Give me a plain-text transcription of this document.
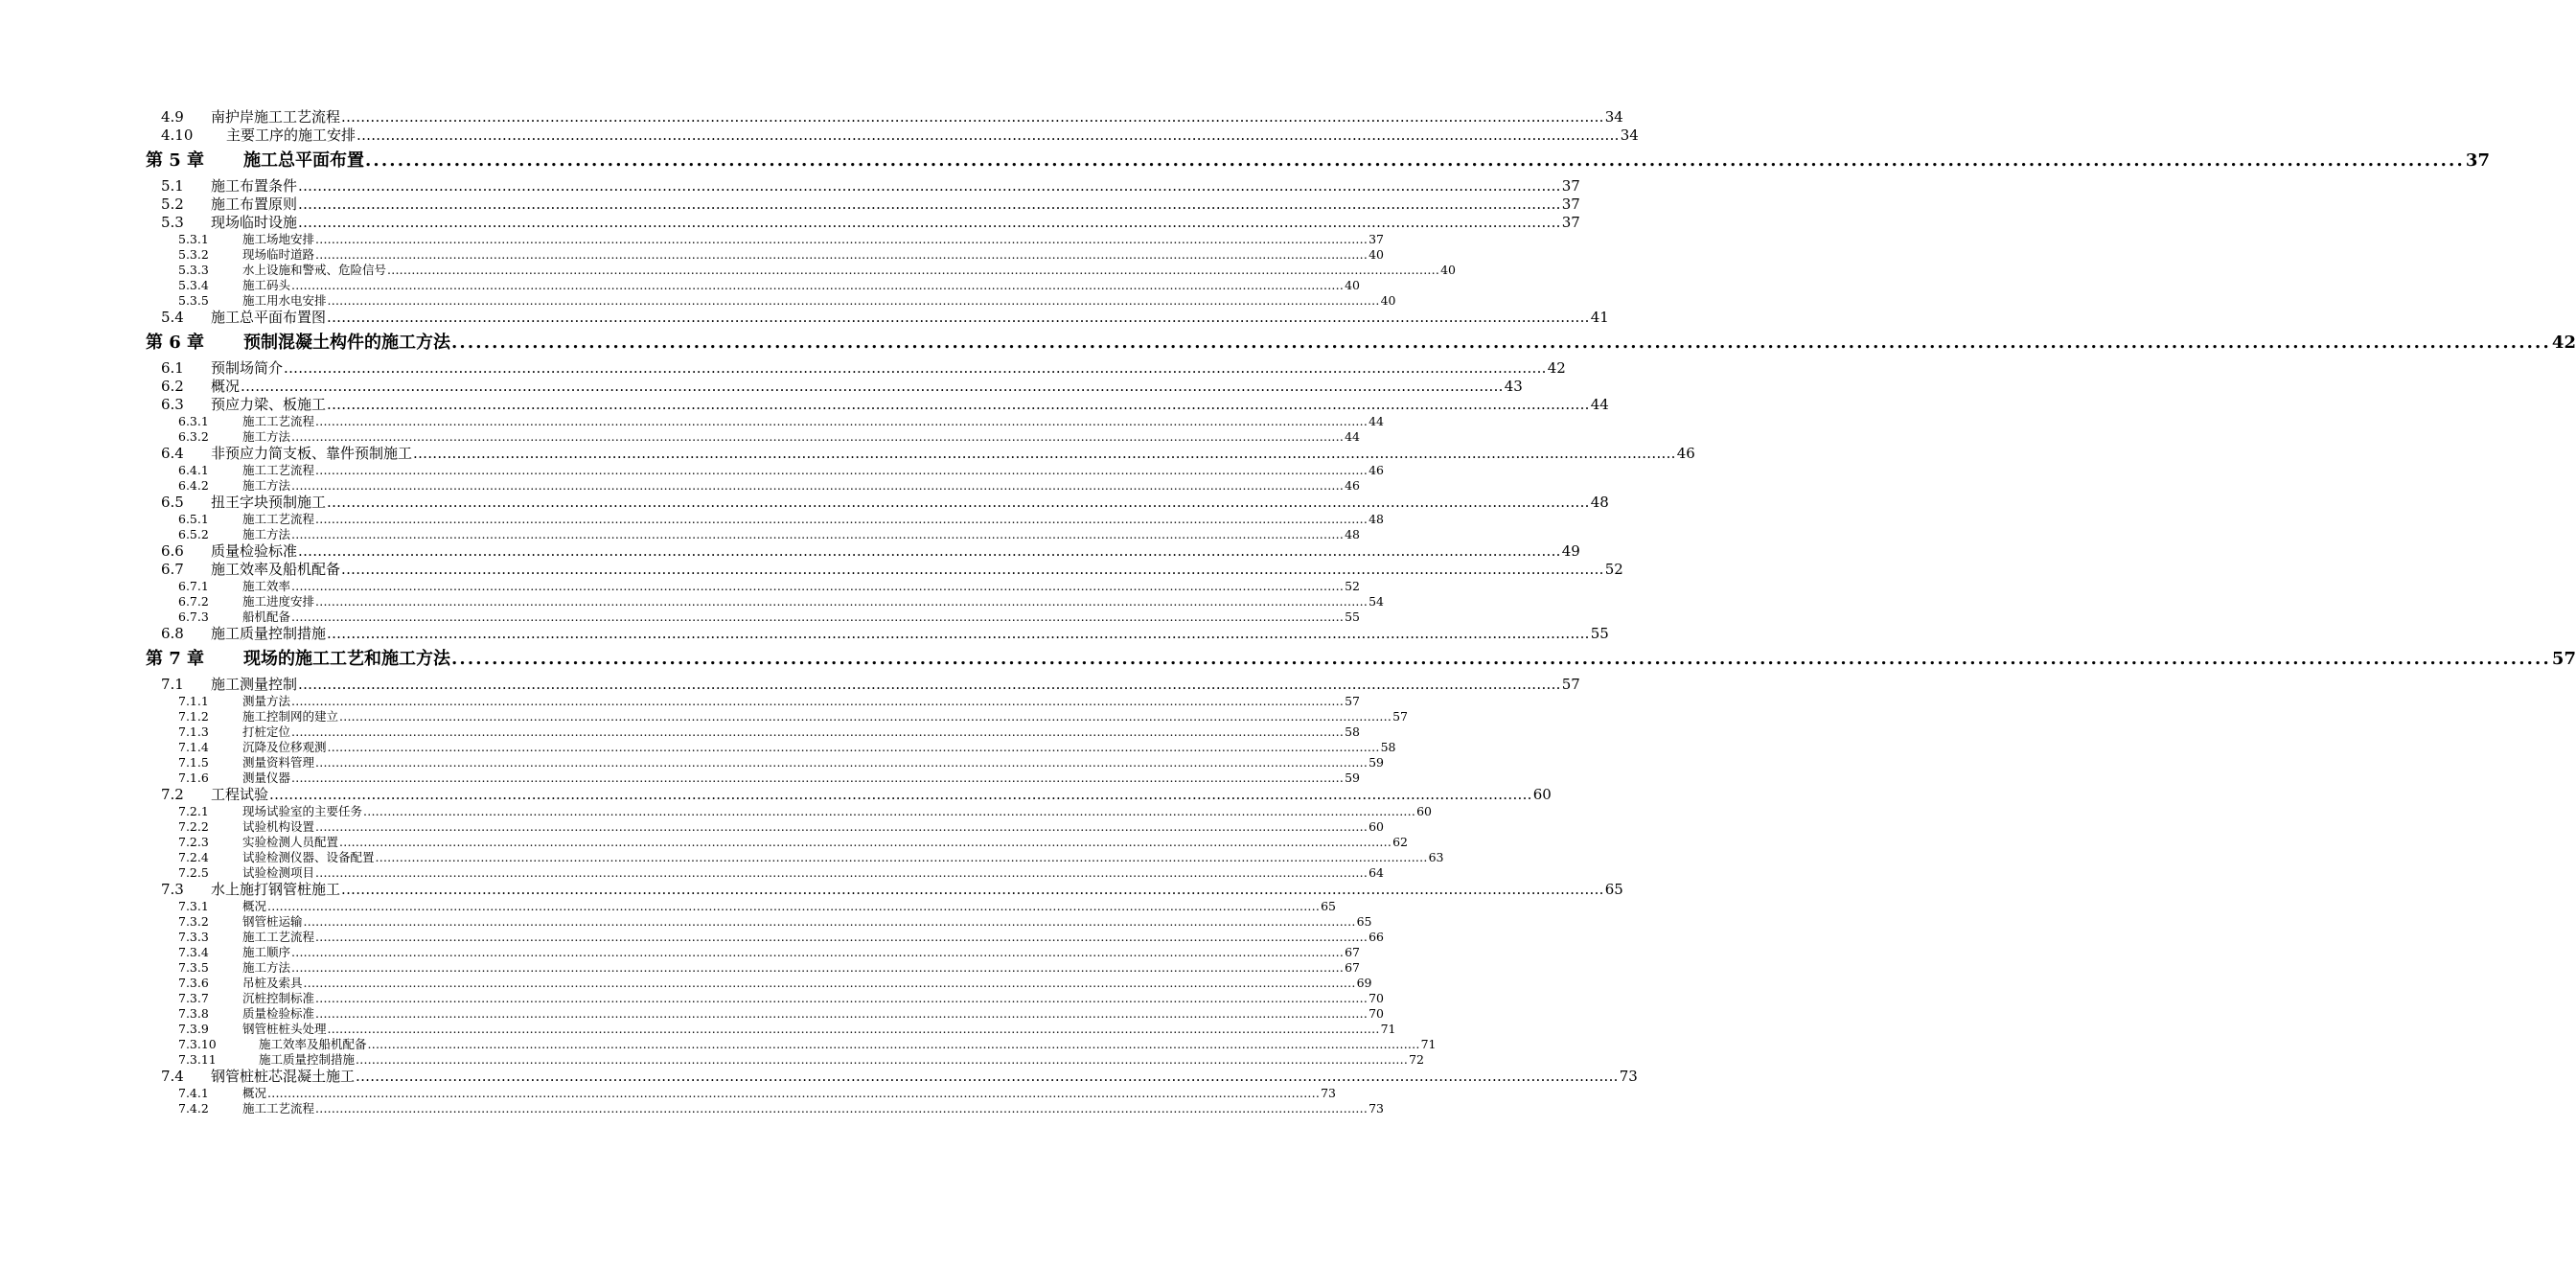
4.9	南护岸施工工艺流程 .................................................................................................................................................................................................................................................................... 34
4.10	主要工序的施工安排 .................................................................................................................................................................................................................................................................... 34
第 5 章	施工总平面布置 .................................................................................................................................................................................................................................................................... 37
5.1	施工布置条件 .................................................................................................................................................................................................................................................................... 37
5.2	施工布置原则 .................................................................................................................................................................................................................................................................... 37
5.3	现场临时设施 .................................................................................................................................................................................................................................................................... 37
5.3.1	施工场地安排 .................................................................................................................................................................................................................................................................... 37
5.3.2	现场临时道路 .................................................................................................................................................................................................................................................................... 40
5.3.3	水上设施和警戒、危险信号 .................................................................................................................................................................................................................................................................... 40
5.3.4	施工码头 .................................................................................................................................................................................................................................................................... 40
5.3.5	施工用水电安排 .................................................................................................................................................................................................................................................................... 40
5.4	施工总平面布置图 .................................................................................................................................................................................................................................................................... 41
第 6 章	预制混凝土构件的施工方法 .................................................................................................................................................................................................................................................................... 42
6.1	预制场简介 .................................................................................................................................................................................................................................................................... 42
6.2	概况 .................................................................................................................................................................................................................................................................... 43
6.3	预应力梁、板施工 .................................................................................................................................................................................................................................................................... 44
6.3.1	施工工艺流程 .................................................................................................................................................................................................................................................................... 44
6.3.2	施工方法 .................................................................................................................................................................................................................................................................... 44
6.4	非预应力简支板、靠件预制施工 .................................................................................................................................................................................................................................................................... 46
6.4.1	施工工艺流程 .................................................................................................................................................................................................................................................................... 46
6.4.2	施工方法 .................................................................................................................................................................................................................................................................... 46
6.5	扭王字块预制施工 .................................................................................................................................................................................................................................................................... 48
6.5.1	施工工艺流程 .................................................................................................................................................................................................................................................................... 48
6.5.2	施工方法 .................................................................................................................................................................................................................................................................... 48
6.6	质量检验标准 .................................................................................................................................................................................................................................................................... 49
6.7	施工效率及船机配备 .................................................................................................................................................................................................................................................................... 52
6.7.1	施工效率 .................................................................................................................................................................................................................................................................... 52
6.7.2	施工进度安排 .................................................................................................................................................................................................................................................................... 54
6.7.3	船机配备 .................................................................................................................................................................................................................................................................... 55
6.8	施工质量控制措施 .................................................................................................................................................................................................................................................................... 55
第 7 章	现场的施工工艺和施工方法 .................................................................................................................................................................................................................................................................... 57
7.1	施工测量控制 .................................................................................................................................................................................................................................................................... 57
7.1.1	测量方法 .................................................................................................................................................................................................................................................................... 57
7.1.2	施工控制网的建立 .................................................................................................................................................................................................................................................................... 57
7.1.3	打桩定位 .................................................................................................................................................................................................................................................................... 58
7.1.4	沉降及位移观测 .................................................................................................................................................................................................................................................................... 58
7.1.5	测量资料管理 .................................................................................................................................................................................................................................................................... 59
7.1.6	测量仪器 .................................................................................................................................................................................................................................................................... 59
7.2	工程试验 .................................................................................................................................................................................................................................................................... 60
7.2.1	现场试验室的主要任务 .................................................................................................................................................................................................................................................................... 60
7.2.2	试验机构设置 .................................................................................................................................................................................................................................................................... 60
7.2.3	实验检测人员配置 .................................................................................................................................................................................................................................................................... 62
7.2.4	试验检测仪器、设备配置 .................................................................................................................................................................................................................................................................... 63
7.2.5	试验检测项目 .................................................................................................................................................................................................................................................................... 64
7.3	水上施打钢管桩施工 .................................................................................................................................................................................................................................................................... 65
7.3.1	概况 .................................................................................................................................................................................................................................................................... 65
7.3.2	钢管桩运输 .................................................................................................................................................................................................................................................................... 65
7.3.3	施工工艺流程 .................................................................................................................................................................................................................................................................... 66
7.3.4	施工顺序 .................................................................................................................................................................................................................................................................... 67
7.3.5	施工方法 .................................................................................................................................................................................................................................................................... 67
7.3.6	吊桩及索具 .................................................................................................................................................................................................................................................................... 69
7.3.7	沉桩控制标准 .................................................................................................................................................................................................................................................................... 70
7.3.8	质量检验标准 .................................................................................................................................................................................................................................................................... 70
7.3.9	钢管桩桩头处理 .................................................................................................................................................................................................................................................................... 71
7.3.10	施工效率及船机配备 .................................................................................................................................................................................................................................................................... 71
7.3.11	施工质量控制措施 .................................................................................................................................................................................................................................................................... 72
7.4	钢管桩桩芯混凝土施工 .................................................................................................................................................................................................................................................................... 73
7.4.1	概况 .................................................................................................................................................................................................................................................................... 73
7.4.2	施工工艺流程 .................................................................................................................................................................................................................................................................... 73
